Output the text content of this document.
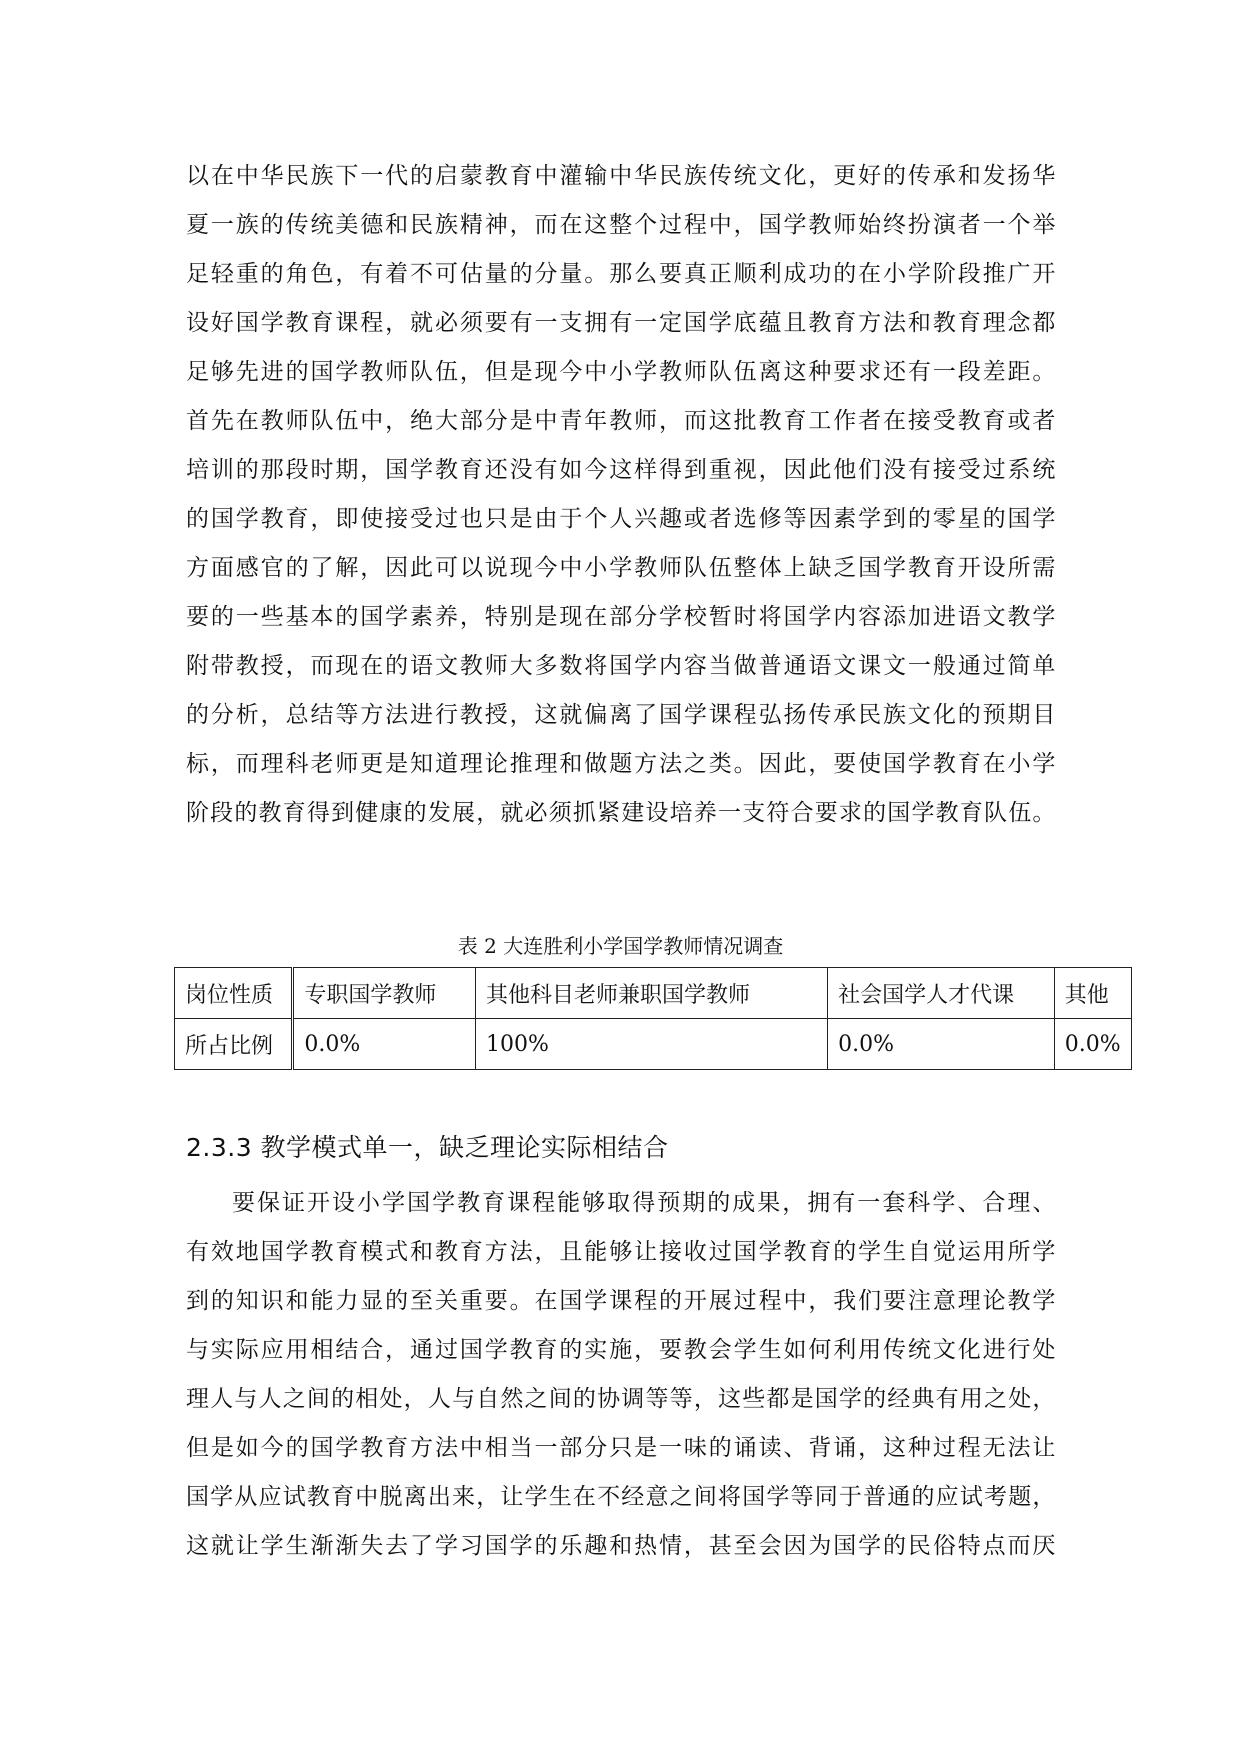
以在中华民族下一代的启蒙教育中灌输中华民族传统文化，更好的传承和发扬华
夏一族的传统美德和民族精神，而在这整个过程中，国学教师始终扮演者一个举
足轻重的角色，有着不可估量的分量。那么要真正顺利成功的在小学阶段推广开
设好国学教育课程，就必须要有一支拥有一定国学底蕴且教育方法和教育理念都
足够先进的国学教师队伍，但是现今中小学教师队伍离这种要求还有一段差距。
首先在教师队伍中，绝大部分是中青年教师，而这批教育工作者在接受教育或者
培训的那段时期，国学教育还没有如今这样得到重视，因此他们没有接受过系统
的国学教育，即使接受过也只是由于个人兴趣或者选修等因素学到的零星的国学
方面感官的了解，因此可以说现今中小学教师队伍整体上缺乏国学教育开设所需
要的一些基本的国学素养，特别是现在部分学校暂时将国学内容添加进语文教学
附带教授，而现在的语文教师大多数将国学内容当做普通语文课文一般通过简单
的分析，总结等方法进行教授，这就偏离了国学课程弘扬传承民族文化的预期目
标，而理科老师更是知道理论推理和做题方法之类。因此，要使国学教育在小学
阶段的教育得到健康的发展，就必须抓紧建设培养一支符合要求的国学教育队伍。
表 2 大连胜利小学国学教师情况调查
岗位性质	专职国学教师	其他科目老师兼职国学教师	社会国学人才代课	其他
所占比例	0.0%	100%	0.0%	0.0%
2.3.3 教学模式单一，缺乏理论实际相结合
要保证开设小学国学教育课程能够取得预期的成果，拥有一套科学、合理、
有效地国学教育模式和教育方法，且能够让接收过国学教育的学生自觉运用所学
到的知识和能力显的至关重要。在国学课程的开展过程中，我们要注意理论教学
与实际应用相结合，通过国学教育的实施，要教会学生如何利用传统文化进行处
理人与人之间的相处，人与自然之间的协调等等，这些都是国学的经典有用之处，
但是如今的国学教育方法中相当一部分只是一味的诵读、背诵，这种过程无法让
国学从应试教育中脱离出来，让学生在不经意之间将国学等同于普通的应试考题，
这就让学生渐渐失去了学习国学的乐趣和热情，甚至会因为国学的民俗特点而厌
